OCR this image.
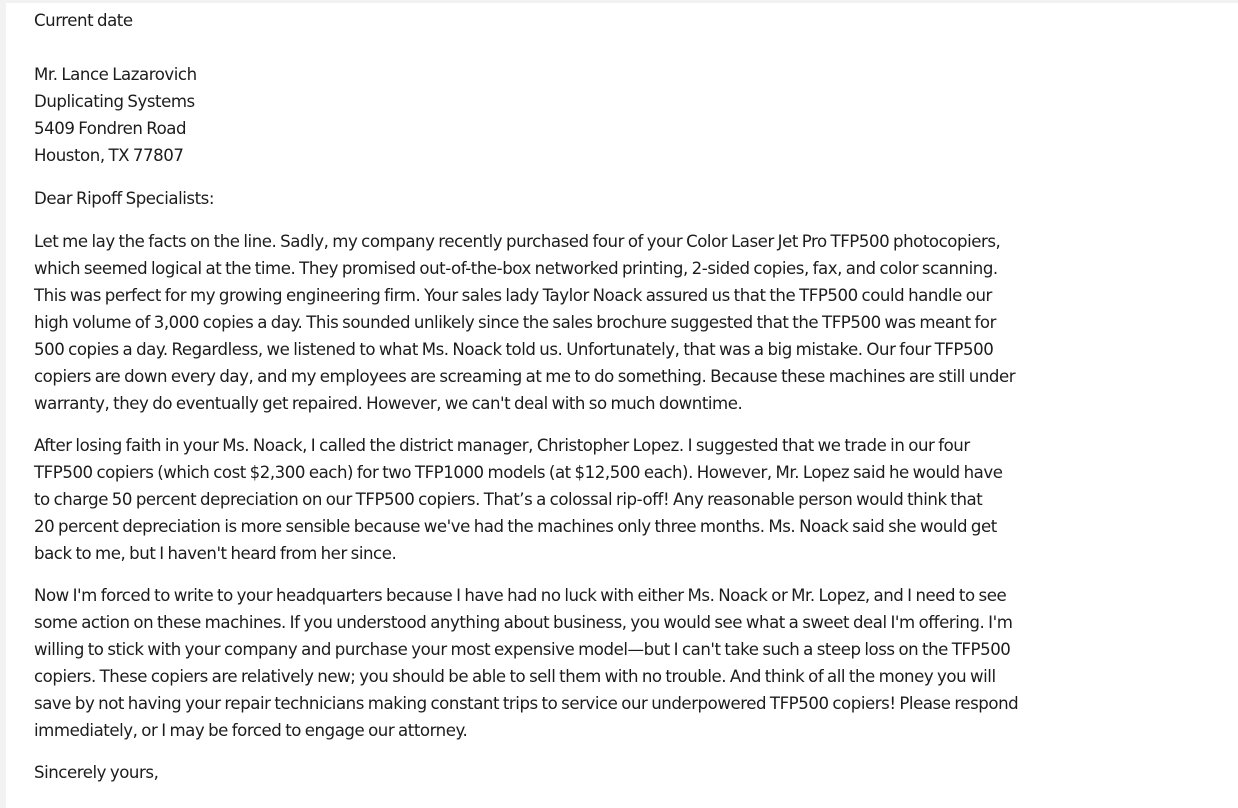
Current date
Mr. Lance Lazarovich
Duplicating Systems
5409 Fondren Road
Houston, TX 77807
Dear Ripoff Specialists:
Let me lay the facts on the line. Sadly, my company recently purchased four of your Color Laser Jet Pro TFP500 photocopiers,
which seemed logical at the time. They promised out-of-the-box networked printing, 2-sided copies, fax, and color scanning.
This was perfect for my growing engineering firm. Your sales lady Taylor Noack assured us that the TFP500 could handle our
high volume of 3,000 copies a day. This sounded unlikely since the sales brochure suggested that the TFP500 was meant for
500 copies a day. Regardless, we listened to what Ms. Noack told us. Unfortunately, that was a big mistake. Our four TFP500
copiers are down every day, and my employees are screaming at me to do something. Because these machines are still under
warranty, they do eventually get repaired. However, we can't deal with so much downtime.
After losing faith in your Ms. Noack, I called the district manager, Christopher Lopez. I suggested that we trade in our four
TFP500 copiers (which cost $2,300 each) for two TFP1000 models (at $12,500 each). However, Mr. Lopez said he would have
to charge 50 percent depreciation on our TFP500 copiers. That’s a colossal rip-off! Any reasonable person would think that
20 percent depreciation is more sensible because we've had the machines only three months. Ms. Noack said she would get
back to me, but I haven't heard from her since.
Now I'm forced to write to your headquarters because I have had no luck with either Ms. Noack or Mr. Lopez, and I need to see
some action on these machines. If you understood anything about business, you would see what a sweet deal I'm offering. I'm
willing to stick with your company and purchase your most expensive model—but I can't take such a steep loss on the TFP500
copiers. These copiers are relatively new; you should be able to sell them with no trouble. And think of all the money you will
save by not having your repair technicians making constant trips to service our underpowered TFP500 copiers! Please respond
immediately, or I may be forced to engage our attorney.
Sincerely yours,
